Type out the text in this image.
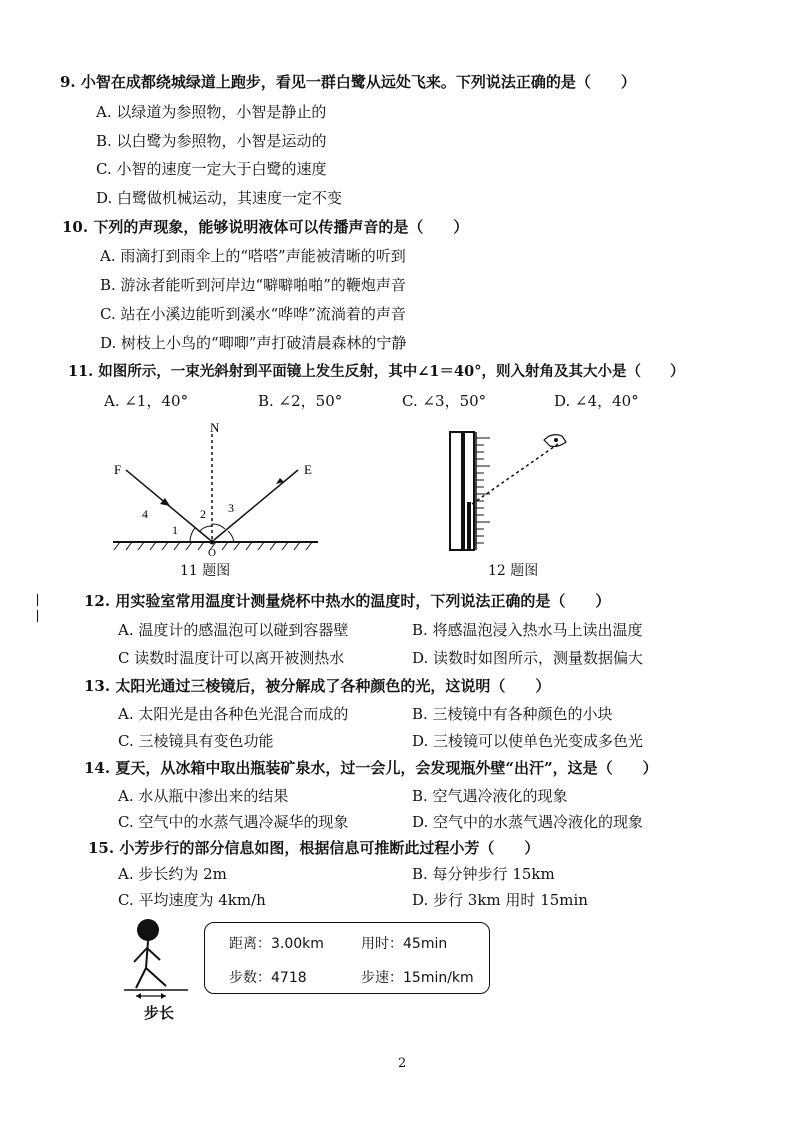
9. 小智在成都绕城绿道上跑步，看见一群白鹭从远处飞来。下列说法正确的是（　　）
A. 以绿道为参照物，小智是静止的
B. 以白鹭为参照物，小智是运动的
C. 小智的速度一定大于白鹭的速度
D. 白鹭做机械运动，其速度一定不变
10. 下列的声现象，能够说明液体可以传播声音的是（　　）
A. 雨滴打到雨伞上的“嗒嗒”声能被清晰的听到
B. 游泳者能听到河岸边“噼噼啪啪”的鞭炮声音
C. 站在小溪边能听到溪水“哗哗”流淌着的声音
D. 树枝上小鸟的“唧唧”声打破清晨森林的宁静
11. 如图所示，一束光斜射到平面镜上发生反射，其中∠1＝40°，则入射角及其大小是（　　）
A. ∠1，40°	B. ∠2，50°	C. ∠3，50°	D. ∠4，40°
N
F	E
O
1
2 3
4
11 题图	12 题图
12. 用实验室常用温度计测量烧杯中热水的温度时，下列说法正确的是（　　）
A. 温度计的感温泡可以碰到容器壁	B. 将感温泡浸入热水马上读出温度
C 读数时温度计可以离开被测热水	D. 读数时如图所示，测量数据偏大
13. 太阳光通过三棱镜后，被分解成了各种颜色的光，这说明（　　）
A. 太阳光是由各种色光混合而成的	B. 三棱镜中有各种颜色的小块
C. 三棱镜具有变色功能	D. 三棱镜可以使单色光变成多色光
14. 夏天，从冰箱中取出瓶装矿泉水，过一会儿，会发现瓶外壁“出汗”，这是（　　）
A. 水从瓶中渗出来的结果	B. 空气遇冷液化的现象
C. 空气中的水蒸气遇冷凝华的现象	D. 空气中的水蒸气遇冷液化的现象
15. 小芳步行的部分信息如图，根据信息可推断此过程小芳（　　）
A. 步长约为 2m	B. 每分钟步行 15km
C. 平均速度为 4km/h	D. 步行 3km 用时 15min
步长
距离：3.00km	用时：45min
步数：4718	步速：15min/km
2
